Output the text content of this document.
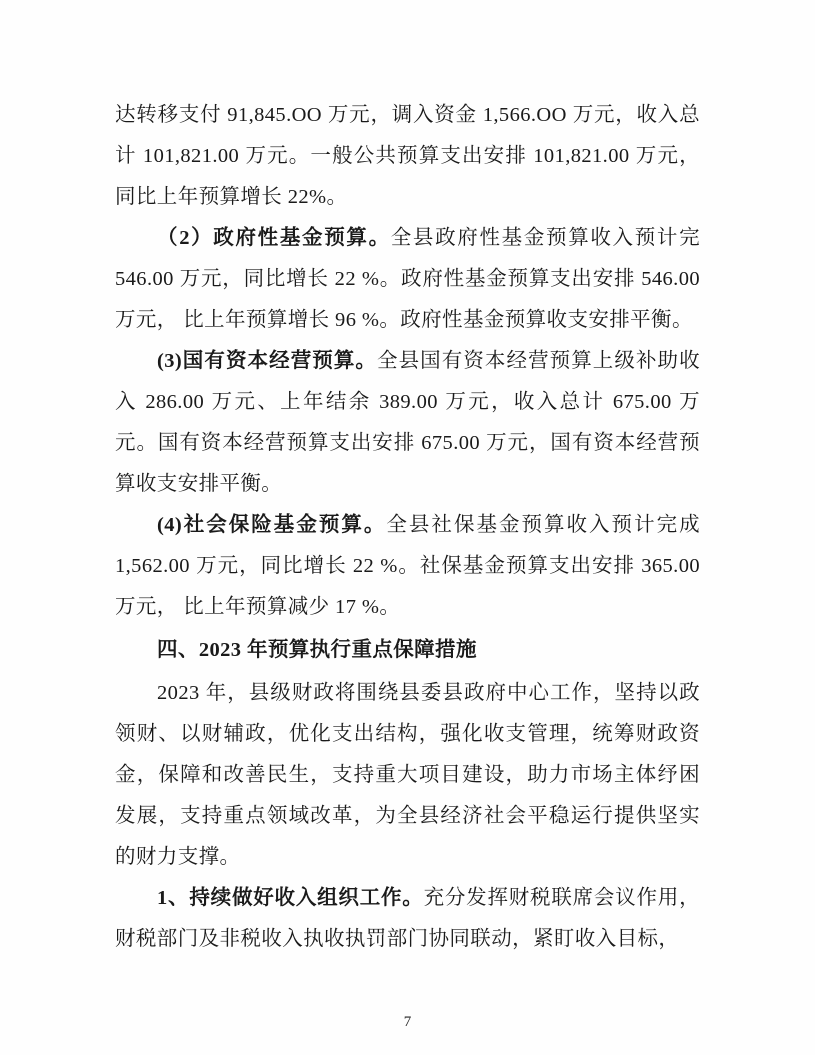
达转移支付 91,845.OO 万元，调入资金 1,566.OO 万元，收入总计 101,821.00 万元。一般公共预算支出安排 101,821.00 万元，同比上年预算增长 22%。

（2）政府性基金预算。全县政府性基金预算收入预计完 546.00 万元，同比增长 22 %。政府性基金预算支出安排 546.00 万元， 比上年预算增长 96 %。政府性基金预算收支安排平衡。

(3)国有资本经营预算。全县国有资本经营预算上级补助收入 286.00 万元、上年结余 389.00 万元，收入总计 675.00 万元。国有资本经营预算支出安排 675.00 万元，国有资本经营预算收支安排平衡。

(4)社会保险基金预算。全县社保基金预算收入预计完成 1,562.00 万元，同比增长 22 %。社保基金预算支出安排 365.00 万元， 比上年预算减少 17 %。

四、2023 年预算执行重点保障措施

2023 年，县级财政将围绕县委县政府中心工作，坚持以政领财、以财辅政，优化支出结构，强化收支管理，统筹财政资金，保障和改善民生，支持重大项目建设，助力市场主体纾困发展，支持重点领域改革，为全县经济社会平稳运行提供坚实的财力支撑。

1、持续做好收入组织工作。充分发挥财税联席会议作用，财税部门及非税收入执收执罚部门协同联动，紧盯收入目标，

7
